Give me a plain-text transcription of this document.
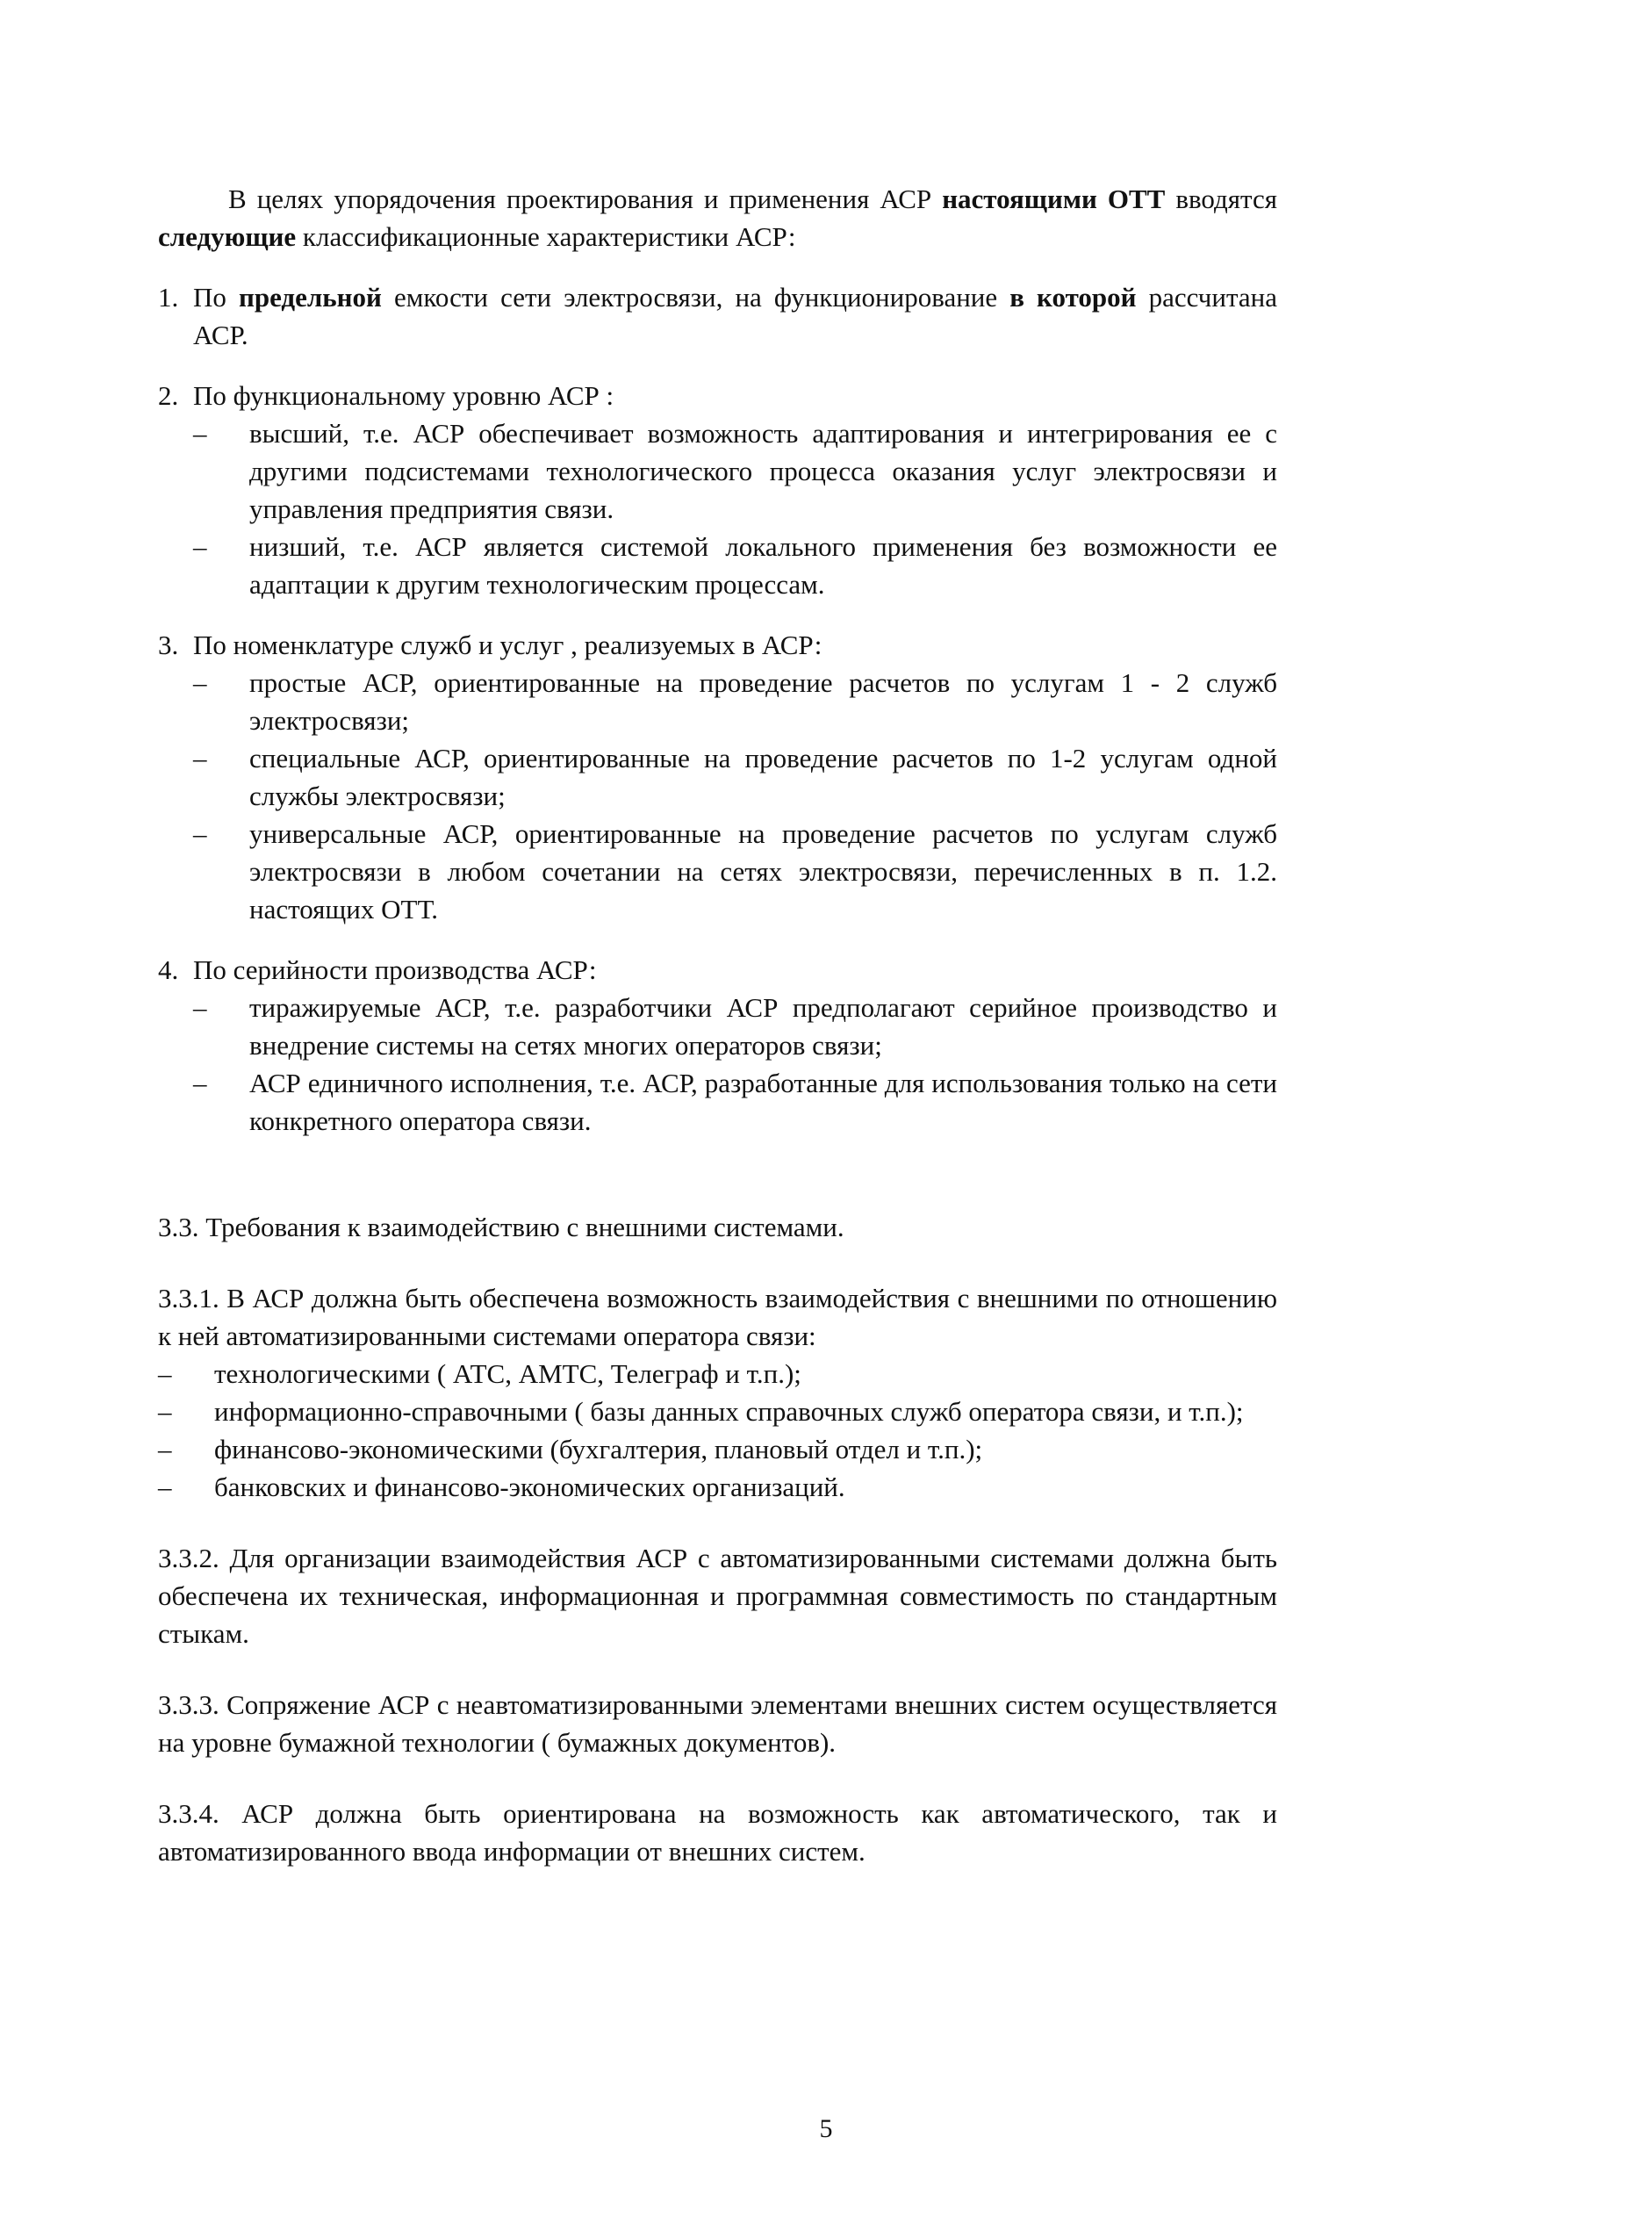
В целях упорядочения проектирования и применения АСР настоящими ОТТ вводятся следующие классификационные характеристики АСР:

1. По предельной емкости сети электросвязи, на функционирование в которой рассчитана АСР.
2. По функциональному уровню АСР :
–	высший, т.е. АСР обеспечивает возможность адаптирования и интегрирования ее с другими подсистемами технологического процесса оказания услуг электросвязи и управления предприятия связи.
–	низший, т.е. АСР является системой локального применения без возможности ее адаптации к другим технологическим процессам.
3. По номенклатуре служб и услуг , реализуемых в АСР:
–	простые АСР, ориентированные на проведение расчетов по услугам 1 - 2 служб электросвязи;
–	специальные АСР, ориентированные на проведение расчетов по 1-2 услугам одной службы электросвязи;
–	универсальные АСР, ориентированные на проведение расчетов по услугам служб электросвязи в любом сочетании на сетях электросвязи, перечисленных в п. 1.2. настоящих ОТТ.
4. По серийности производства АСР:
–	тиражируемые АСР, т.е. разработчики АСР предполагают серийное производство и внедрение системы на сетях многих операторов связи;
–	АСР единичного исполнения, т.е. АСР, разработанные для использования только на сети конкретного оператора связи.

3.3. Требования к взаимодействию с внешними системами.

3.3.1. В АСР должна быть обеспечена возможность взаимодействия с внешними по отношению к ней автоматизированными системами оператора связи:

–	технологическими ( АТС, АМТС, Телеграф и т.п.);
–	информационно-справочными ( базы данных справочных служб оператора связи, и т.п.);
–	финансово-экономическими (бухгалтерия, плановый отдел и т.п.);
–	банковских и финансово-экономических организаций.

3.3.2. Для организации взаимодействия АСР с автоматизированными системами должна быть обеспечена их техническая, информационная и программная совместимость по стандартным стыкам.

3.3.3. Сопряжение АСР с неавтоматизированными элементами внешних систем осуществляется на уровне бумажной технологии ( бумажных документов).

3.3.4. АСР должна быть ориентирована на возможность как автоматического, так и автоматизированного ввода информации от внешних систем.

5
